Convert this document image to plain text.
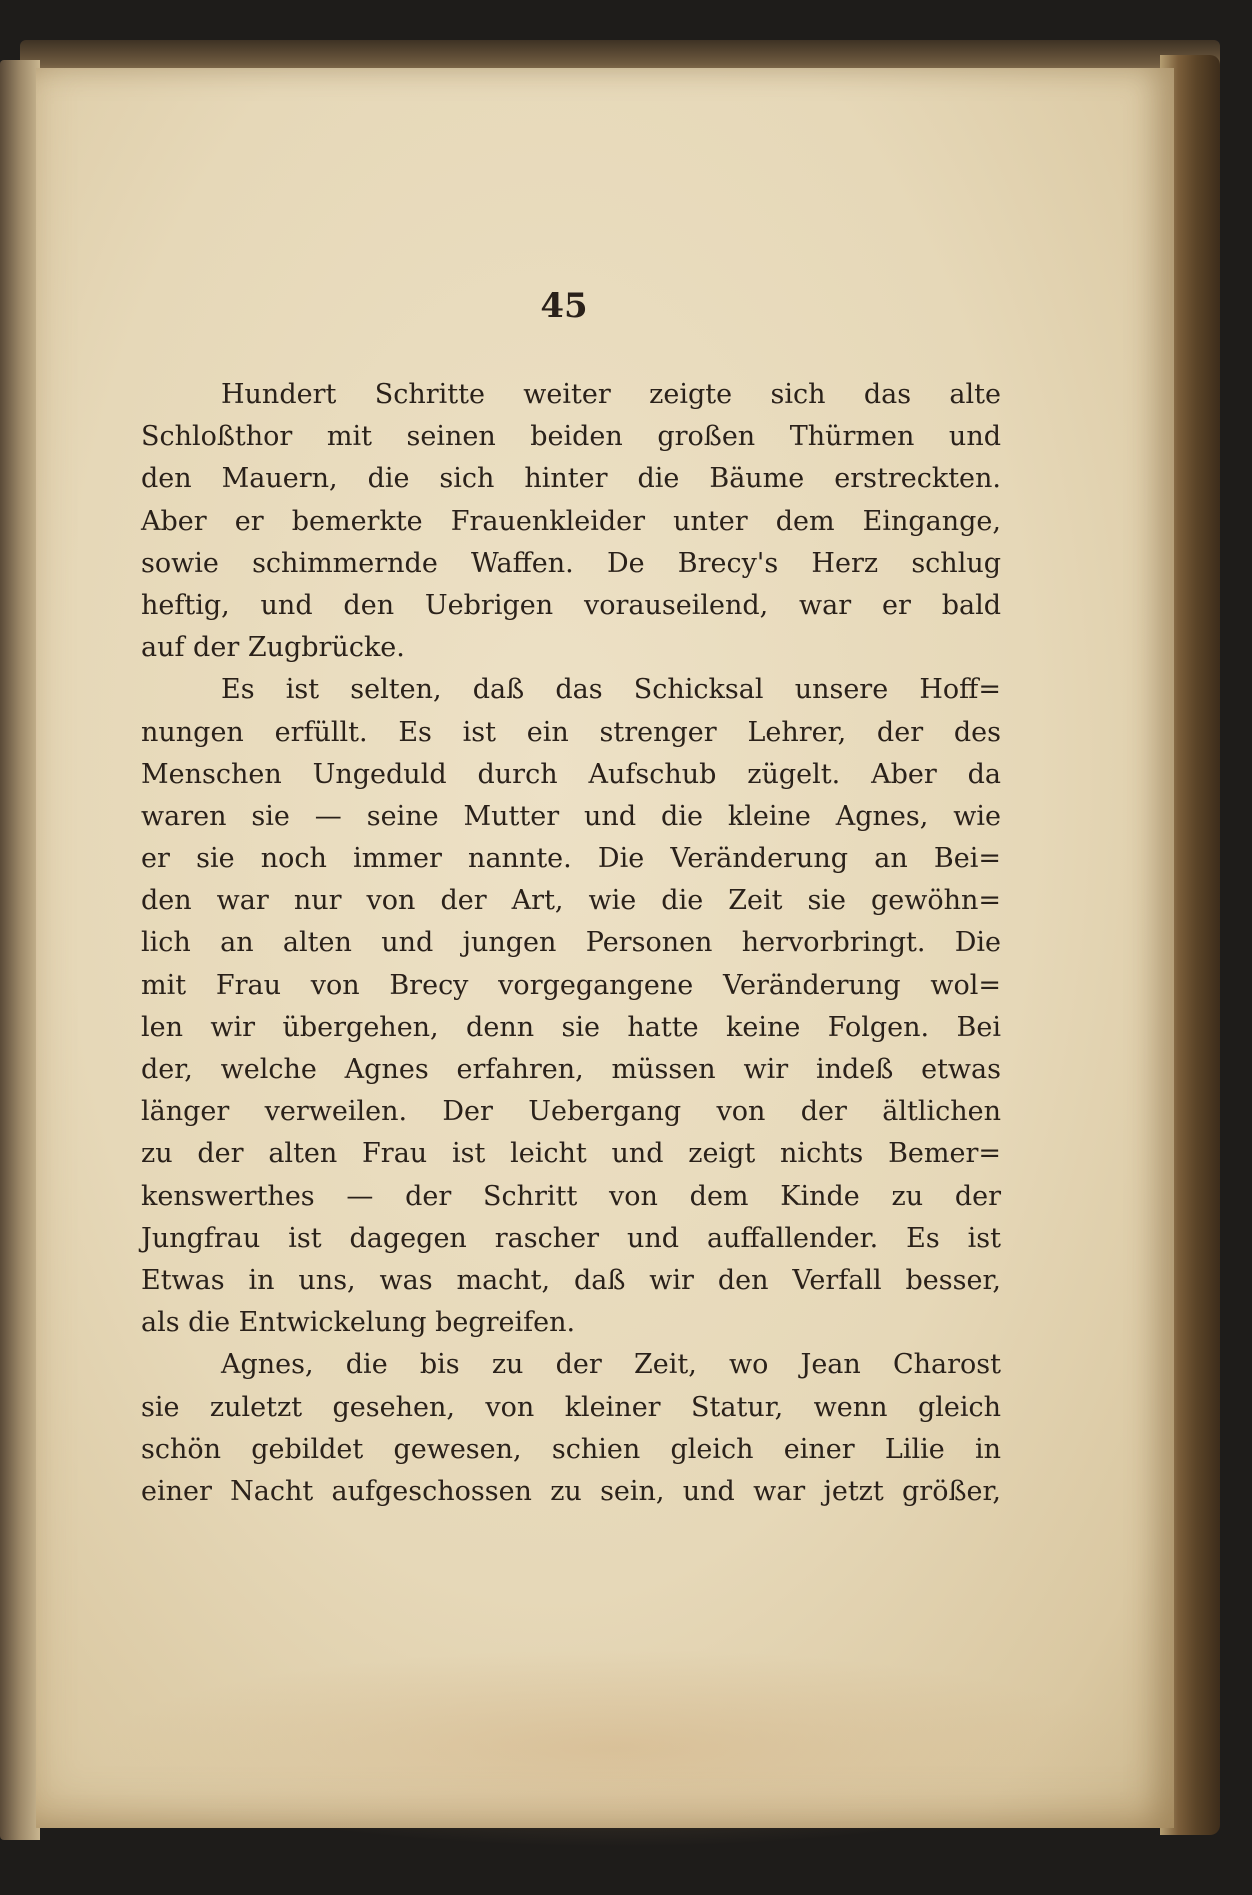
45
Hundert Schritte weiter zeigte sich das alte
Schloßthor mit seinen beiden großen Thürmen und
den Mauern, die sich hinter die Bäume erstreckten.
Aber er bemerkte Frauenkleider unter dem Eingange,
sowie schimmernde Waffen. De Brecy's Herz schlug
heftig, und den Uebrigen vorauseilend, war er bald
auf der Zugbrücke.
Es ist selten, daß das Schicksal unsere Hoff=
nungen erfüllt. Es ist ein strenger Lehrer, der des
Menschen Ungeduld durch Aufschub zügelt. Aber da
waren sie — seine Mutter und die kleine Agnes, wie
er sie noch immer nannte. Die Veränderung an Bei=
den war nur von der Art, wie die Zeit sie gewöhn=
lich an alten und jungen Personen hervorbringt. Die
mit Frau von Brecy vorgegangene Veränderung wol=
len wir übergehen, denn sie hatte keine Folgen. Bei
der, welche Agnes erfahren, müssen wir indeß etwas
länger verweilen. Der Uebergang von der ältlichen
zu der alten Frau ist leicht und zeigt nichts Bemer=
kenswerthes — der Schritt von dem Kinde zu der
Jungfrau ist dagegen rascher und auffallender. Es ist
Etwas in uns, was macht, daß wir den Verfall besser,
als die Entwickelung begreifen.
Agnes, die bis zu der Zeit, wo Jean Charost
sie zuletzt gesehen, von kleiner Statur, wenn gleich
schön gebildet gewesen, schien gleich einer Lilie in
einer Nacht aufgeschossen zu sein, und war jetzt größer,
